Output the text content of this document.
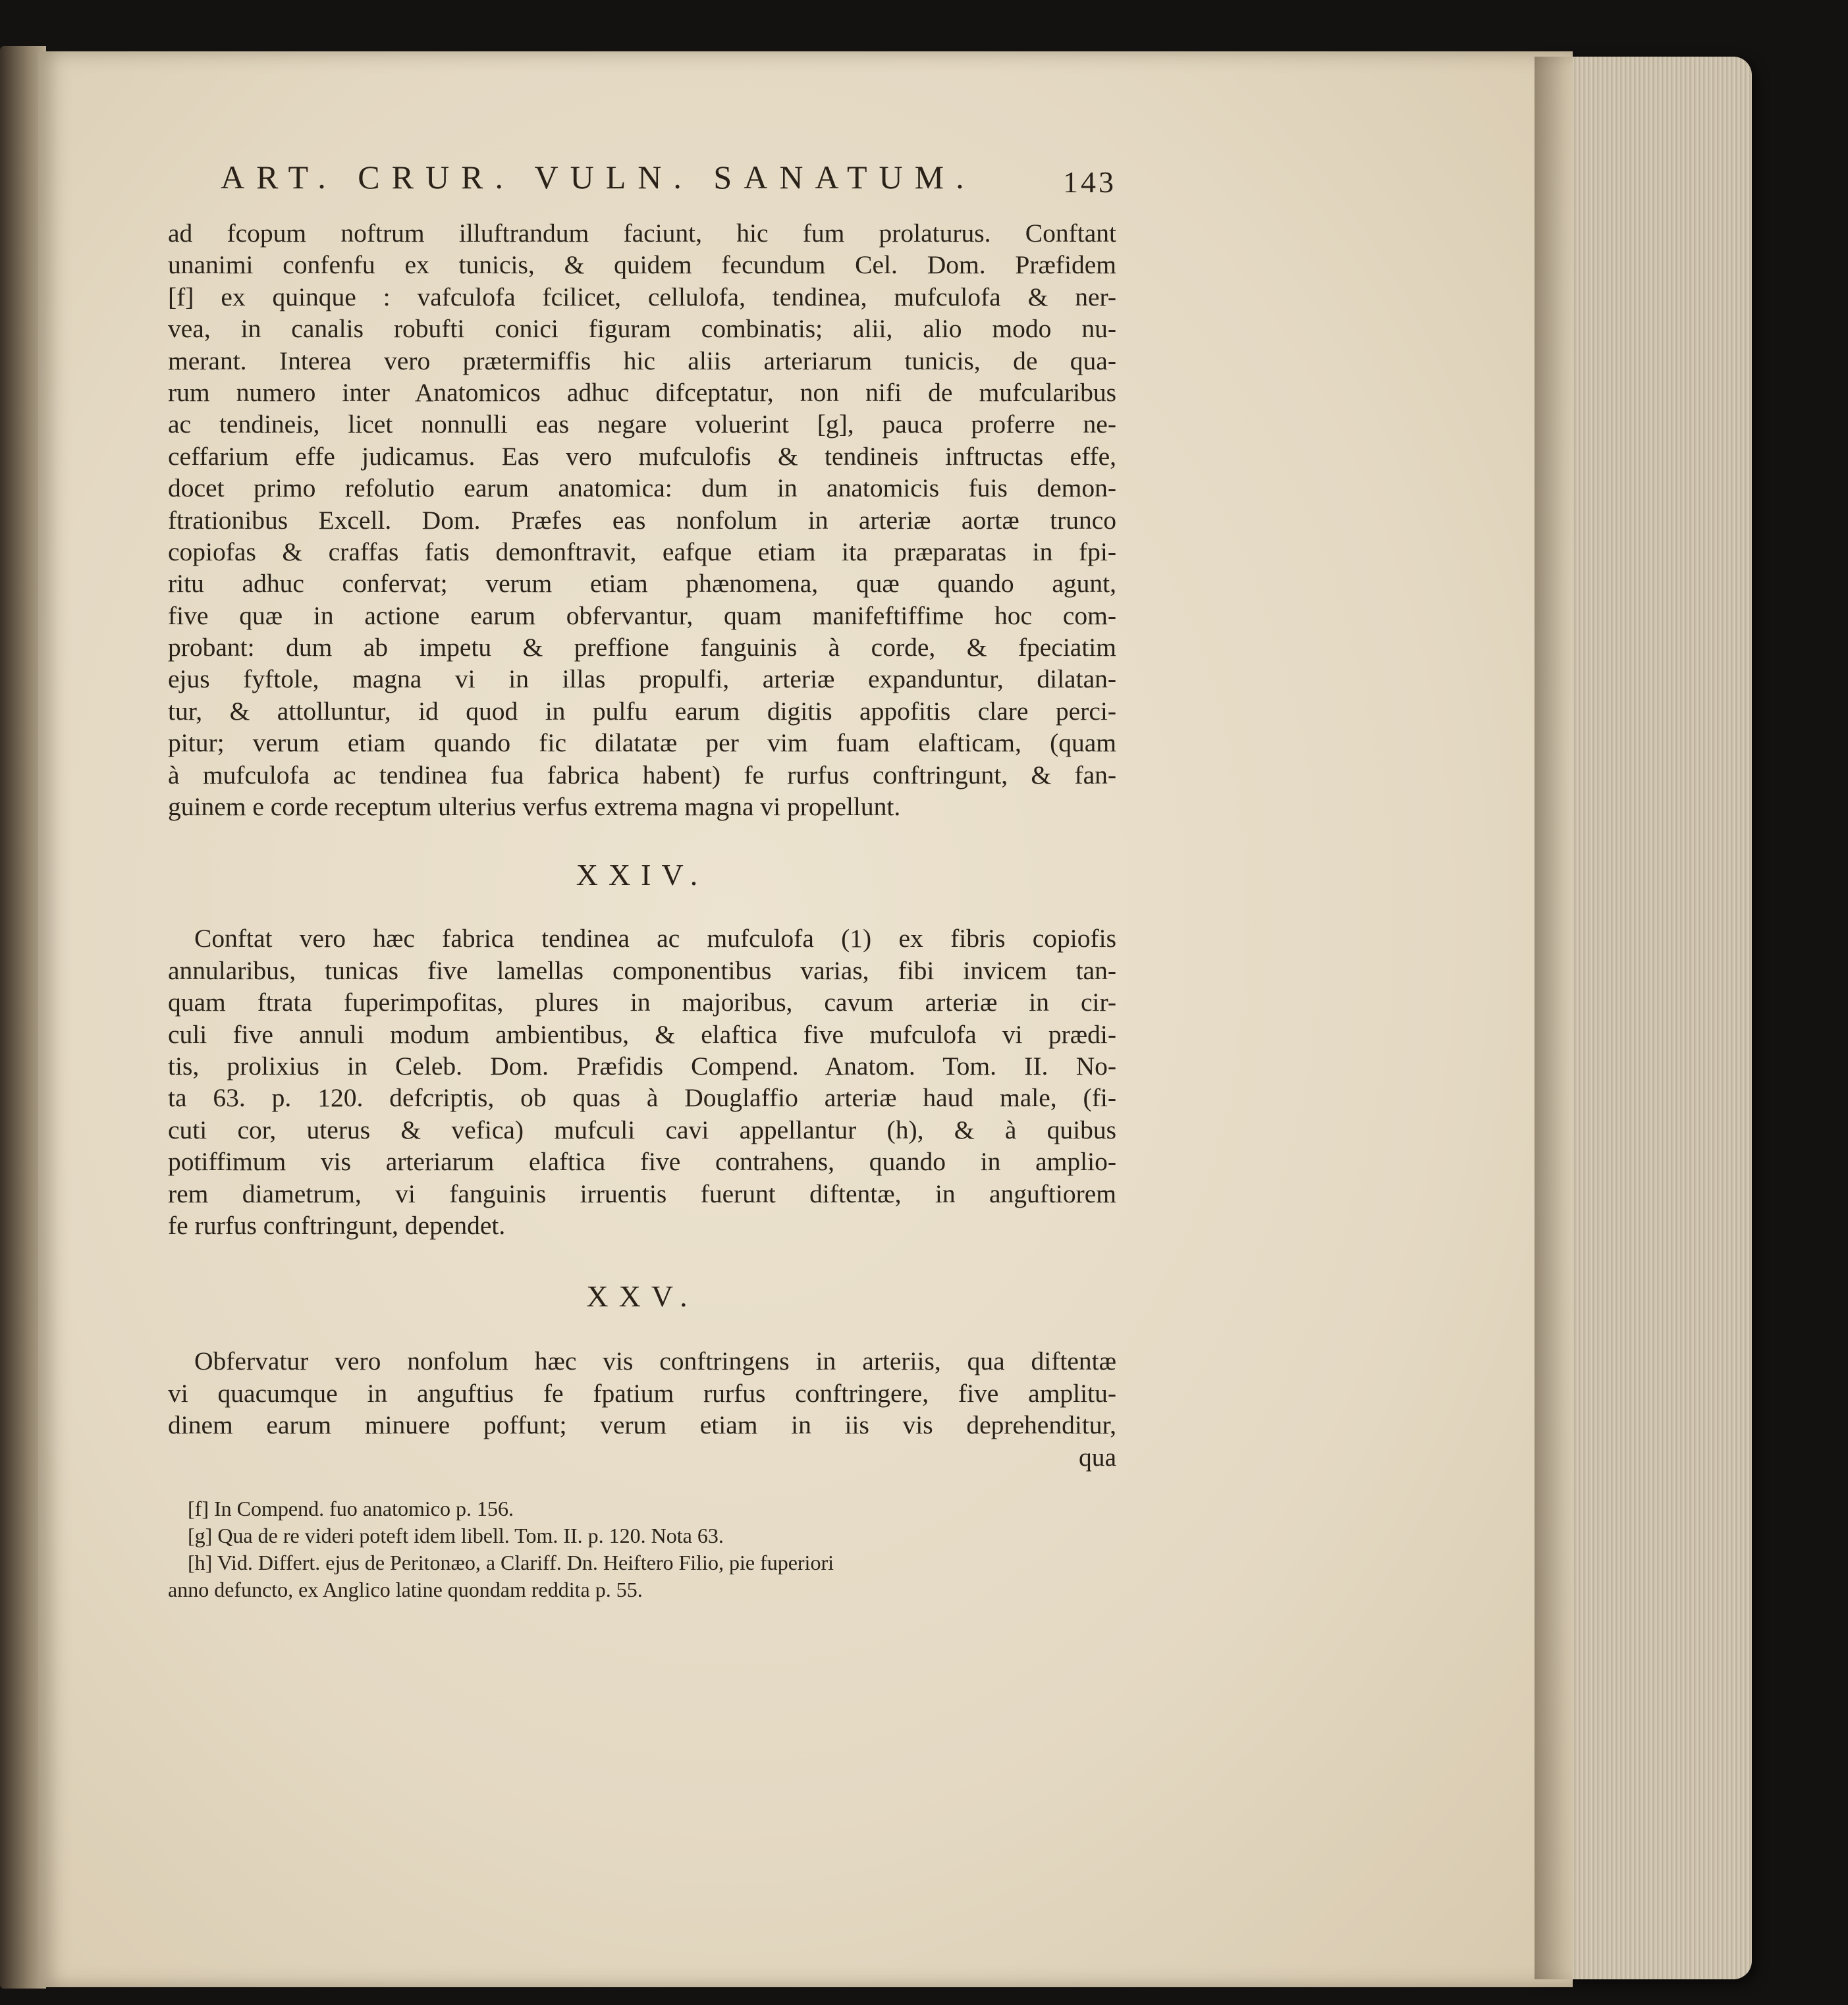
ART. CRUR. VULN. SANATUM.	143
ad fcopum noftrum illuftrandum faciunt, hic fum prolaturus. Conftant
unanimi confenfu ex tunicis, & quidem fecundum Cel. Dom. Præfidem
[f] ex quinque : vafculofa fcilicet, cellulofa, tendinea, mufculofa & ner-
vea, in canalis robufti conici figuram combinatis; alii, alio modo nu-
merant. Interea vero prætermiffis hic aliis arteriarum tunicis, de qua-
rum numero inter Anatomicos adhuc difceptatur, non nifi de mufcularibus
ac tendineis, licet nonnulli eas negare voluerint [g], pauca proferre ne-
ceffarium effe judicamus. Eas vero mufculofis & tendineis inftructas effe,
docet primo refolutio earum anatomica: dum in anatomicis fuis demon-
ftrationibus Excell. Dom. Præfes eas nonfolum in arteriæ aortæ trunco
copiofas & craffas fatis demonftravit, eafque etiam ita præparatas in fpi-
ritu adhuc confervat; verum etiam phænomena, quæ quando agunt,
five quæ in actione earum obfervantur, quam manifeftiffime hoc com-
probant: dum ab impetu & preffione fanguinis à corde, & fpeciatim
ejus fyftole, magna vi in illas propulfi, arteriæ expanduntur, dilatan-
tur, & attolluntur, id quod in pulfu earum digitis appofitis clare perci-
pitur; verum etiam quando fic dilatatæ per vim fuam elafticam, (quam
à mufculofa ac tendinea fua fabrica habent) fe rurfus conftringunt, & fan-
guinem e corde receptum ulterius verfus extrema magna vi propellunt.
XXIV.
Conftat vero hæc fabrica tendinea ac mufculofa (1) ex fibris copiofis
annularibus, tunicas five lamellas componentibus varias, fibi invicem tan-
quam ftrata fuperimpofitas, plures in majoribus, cavum arteriæ in cir-
culi five annuli modum ambientibus, & elaftica five mufculofa vi prædi-
tis, prolixius in Celeb. Dom. Præfidis Compend. Anatom. Tom. II. No-
ta 63. p. 120. defcriptis, ob quas à Douglaffio arteriæ haud male, (fi-
cuti cor, uterus & vefica) mufculi cavi appellantur (h), & à quibus
potiffimum vis arteriarum elaftica five contrahens, quando in amplio-
rem diametrum, vi fanguinis irruentis fuerunt diftentæ, in anguftiorem
fe rurfus conftringunt, dependet.
XXV.
Obfervatur vero nonfolum hæc vis conftringens in arteriis, qua diftentæ
vi quacumque in anguftius fe fpatium rurfus conftringere, five amplitu-
dinem earum minuere poffunt; verum etiam in iis vis deprehenditur,
qua
[f] In Compend. fuo anatomico p. 156.
[g] Qua de re videri poteft idem libell. Tom. II. p. 120. Nota 63.
[h] Vid. Differt. ejus de Peritonæo, a Clariff. Dn. Heiftero Filio, pie fuperiori
anno defuncto, ex Anglico latine quondam reddita p. 55.
